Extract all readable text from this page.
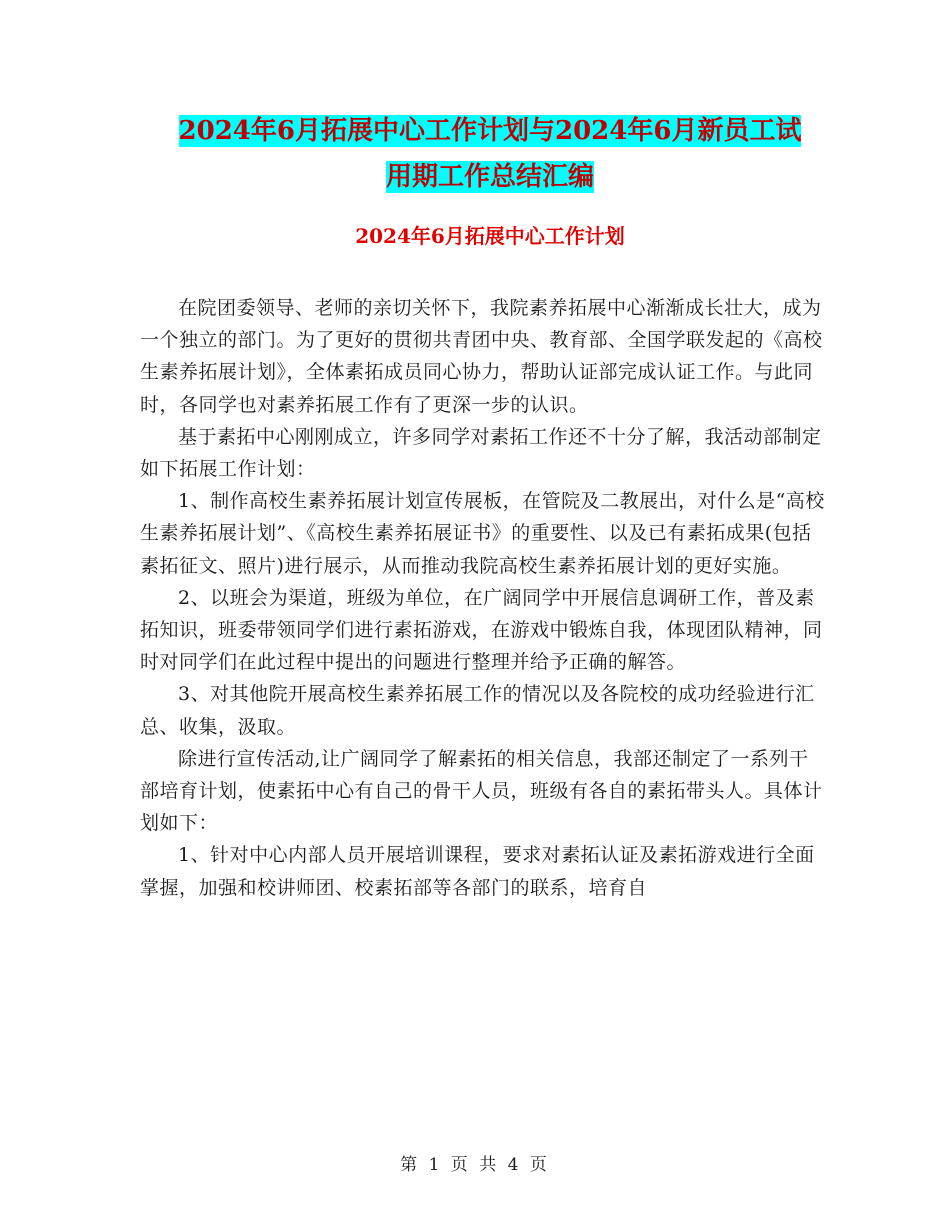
2024年6月拓展中心工作计划与2024年6月新员工试
用期工作总结汇编
2024年6月拓展中心工作计划

在院团委领导、老师的亲切关怀下，我院素养拓展中心渐渐成长壮大，成为一个独立的部门。为了更好的贯彻共青团中央、教育部、全国学联发起的《高校生素养拓展计划》，全体素拓成员同心协力，帮助认证部完成认证工作。与此同时，各同学也对素养拓展工作有了更深一步的认识。

基于素拓中心刚刚成立，许多同学对素拓工作还不十分了解，我活动部制定如下拓展工作计划：

1、制作高校生素养拓展计划宣传展板，在管院及二教展出，对什么是“高校生素养拓展计划”、《高校生素养拓展证书》的重要性、以及已有素拓成果(包括素拓征文、照片)进行展示，从而推动我院高校生素养拓展计划的更好实施。

2、以班会为渠道，班级为单位，在广阔同学中开展信息调研工作，普及素拓知识，班委带领同学们进行素拓游戏，在游戏中锻炼自我，体现团队精神，同时对同学们在此过程中提出的问题进行整理并给予正确的解答。

3、对其他院开展高校生素养拓展工作的情况以及各院校的成功经验进行汇总、收集，汲取。

除进行宣传活动,让广阔同学了解素拓的相关信息，我部还制定了一系列干部培育计划，使素拓中心有自己的骨干人员，班级有各自的素拓带头人。具体计划如下：

1、针对中心内部人员开展培训课程，要求对素拓认证及素拓游戏进行全面掌握，加强和校讲师团、校素拓部等各部门的联系，培育自

第 1 页 共 4 页
